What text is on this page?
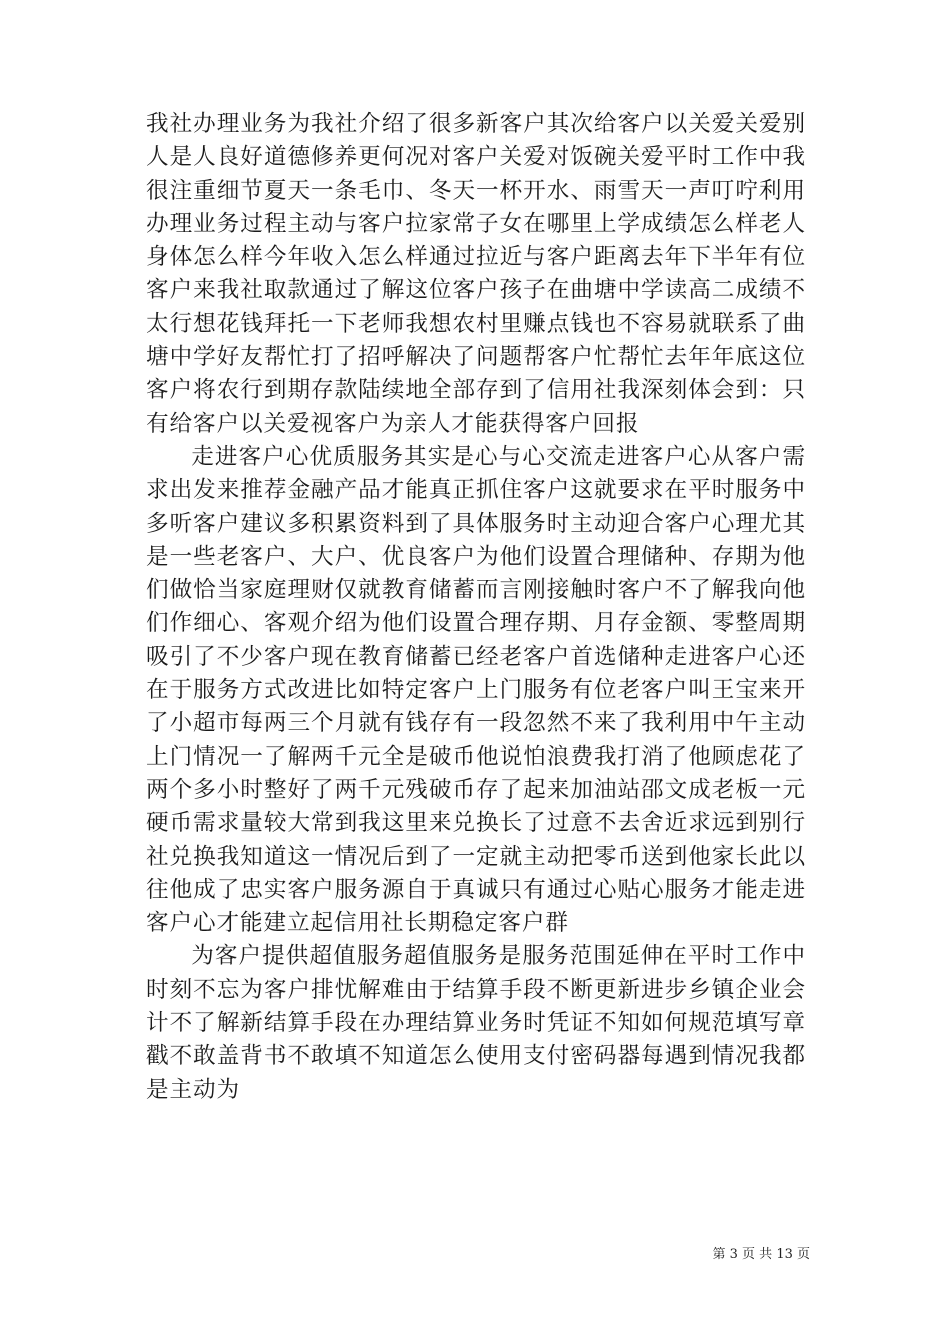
我社办理业务为我社介绍了很多新客户其次给客户以关爱关爱别人是人良好道德修养更何况对客户关爱对饭碗关爱平时工作中我很注重细节夏天一条毛巾、冬天一杯开水、雨雪天一声叮咛利用办理业务过程主动与客户拉家常子女在哪里上学成绩怎么样老人身体怎么样今年收入怎么样通过拉近与客户距离去年下半年有位客户来我社取款通过了解这位客户孩子在曲塘中学读高二成绩不太行想花钱拜托一下老师我想农村里赚点钱也不容易就联系了曲塘中学好友帮忙打了招呼解决了问题帮客户忙帮忙去年年底这位客户将农行到期存款陆续地全部存到了信用社我深刻体会到：只有给客户以关爱视客户为亲人才能获得客户回报

走进客户心优质服务其实是心与心交流走进客户心从客户需求出发来推荐金融产品才能真正抓住客户这就要求在平时服务中多听客户建议多积累资料到了具体服务时主动迎合客户心理尤其是一些老客户、大户、优良客户为他们设置合理储种、存期为他们做恰当家庭理财仅就教育储蓄而言刚接触时客户不了解我向他们作细心、客观介绍为他们设置合理存期、月存金额、零整周期吸引了不少客户现在教育储蓄已经老客户首选储种走进客户心还在于服务方式改进比如特定客户上门服务有位老客户叫王宝来开了小超市每两三个月就有钱存有一段忽然不来了我利用中午主动上门情况一了解两千元全是破币他说怕浪费我打消了他顾虑花了两个多小时整好了两千元残破币存了起来加油站邵文成老板一元硬币需求量较大常到我这里来兑换长了过意不去舍近求远到别行社兑换我知道这一情况后到了一定就主动把零币送到他家长此以往他成了忠实客户服务源自于真诚只有通过心贴心服务才能走进客户心才能建立起信用社长期稳定客户群

为客户提供超值服务超值服务是服务范围延伸在平时工作中时刻不忘为客户排忧解难由于结算手段不断更新进步乡镇企业会计不了解新结算手段在办理结算业务时凭证不知如何规范填写章戳不敢盖背书不敢填不知道怎么使用支付密码器每遇到情况我都是主动为

第 3 页 共 13 页
